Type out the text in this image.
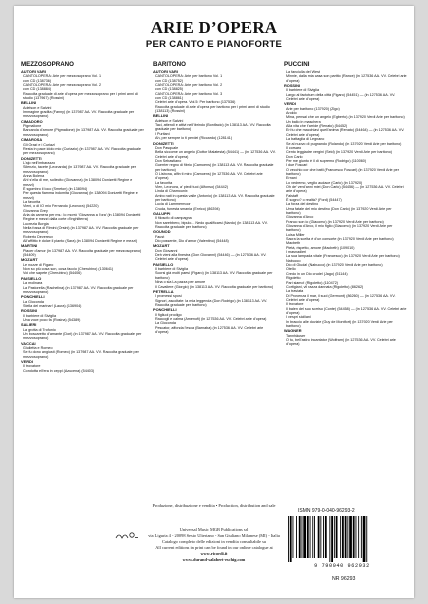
ARIE D’OPERA
PER CANTO E PIANOFORTE
MEZZOSOPRANO
AUTORI VARI
CANTOLOPERA: Arie per mezzosoprano Vol. 1
con CD (138736)
CANTOLOPERA: Arie per mezzosoprano Vol. 2
con CD (138884)
Raccolta graduale di arie d’opera per mezzosoprano per i primi anni di studio (137967) (Rossini)
BELLINI
Adelson e Salvini
Immagine gradita (Fanny) (in 137987 AA. VV. Raccolta graduale per mezzosoprano)
CIMADORO
Pigmalione
Barcarola d’amore (Pigmalione) (in 137987 AA. VV. Raccolta graduale per mezzosoprano)
CIMAROSA
Gli Orazi e i Curiazi
Resta in pace idolo mio (Curiazio) (in 137987 AA. VV. Raccolta graduale per mezzosoprano)
DONIZETTI
L’ajo nell’imbarazzo
Silenzio, tacete (Leonarda) (in 137987 AA. VV. Raccolta graduale per mezzosoprano)
Anna Bolena
Ah! s’ella di me, sollecito (Giovanna) (in 138094 Donizetti Regine e mezzi)
È sgombro il loco (Smeton) (in 138094)
Per questa fiamma indomita (Giovanna) (in 138094 Donizetti Regine e mezzi)
La favorita
Vieni, o di IO mio Fernando (Leonora) (54220)
Giovanna Grey
Aria da camera per ms.: Io morrò ‘Giovanna a l’ora’ (in 138094 Donizetti Regine e mezzi dalla corte d’Inghilterra)
Lucrezia Borgia
Nella fossa di Rimini (Orsini) (in 137987 AA. VV. Raccolta graduale per mezzosoprano)
Roberto Devereux
All’afflitto è dolce il pianto (Sara) (in 138094 Donizetti Regine e mezzi)
MARTINI
Piacer d’amor (in 137987 AA. VV. Raccolta graduale per mezzosoprano) (54409)
MOZART
Le nozze di Figaro
Non so più cosa son, cosa faccio (Cherubino) (130641)
Voi che sapete (Cherubino) (54406)
PAISIELLO
La molinara
La Pastorella (Rachelina) (in 137987 AA. VV. Raccolta graduale per mezzosoprano)
PONCHIELLI
La Gioconda
Stella del marinar! (Laura) (136904)
ROSSINI
Il barbiere di Siviglia
Una voce poco fa (Rosina) (54389)
SALIERI
La grotta di Trofonio
Un boscaretto d’amante (Dori) (in 137987 AA. VV. Raccolta graduale per mezzosoprano)
VACCAI
Giulietta e Romeo
Se fu dono angiusti (Romeo) (in 137987 AA. VV. Raccolta graduale per mezzosoprano)
VERDI
Il trovatore
Condotta ell’era in ceppi (Azucena) (54403)
BARITONO
AUTORI VARI
CANTOLOPERA: Arie per baritono Vol. 1
con CD (138752)
CANTOLOPERA: Arie per baritono Vol. 2
con CD (138825)
CANTOLOPERA: Arie per baritono Vol. 3
con CD (138861)
Celebri arie d’opera. Vol.5: Per baritono (137536)
Raccolta graduale di arie d’opera per baritono per i primi anni di studio (138113) (Rossini)
BELLINI
Adelson e Salvini
Taci, attendi e attivi nell’ibrindo (Bonifacio) (in 138113 AA. VV. Raccolta graduale per baritono)
I Puritani
Ah, per sempre io ti perdei (Riccardo) (128141)
DONIZETTI
Don Pasquale
Bella siccome un angelo (Dottor Malatesta) (54441) — (in 127536 AA. VV. Celebri arie d’opera)
Don Sebastiano
Guerrier regno di fibrio (Camoens) (in 138113 AA. VV. Raccolta graduale per baritono)
O Lisbona, alfin ti miro (Camoens) (in 127536 AA. VV. Celebri arie d’opera)
La favorita
Vien, Leonora, a’ piedi tuoi (Alfonso) (54442)
Linda di Chamounix
Ambo nati in questa valle (Antonio) (in 138113 AA. VV. Raccolta graduale per baritono)
Lucia di Lammermoor
Cruda, funesta smania (Enrico) (86394)
GALUPPI
Il filosofo di campagna
Non sarebbero, bipulo... Nedo qualificarsi (Nardo) (in 138113 AA. VV. Raccolta graduale per baritono)
GOUNOD
Faust
Dio possente, Dio d’amor (Valentino) (54448)
MOZART
Don Giovanni
Deh vieni alla finestra (Don Giovanni) (54446) — (in 127536 AA. VV. Celebri arie d’opera)
PAISIELLO
Il barbiere di Siviglia
Scorsi già molti paesi (Figaro) (in 138113 AA. VV. Raccolta graduale per baritono)
Nina o sia La pazza per amore
Il Cavaliere (Giorgio) (in 138113 AA. VV. Raccolta graduale per baritono)
PETRELLA
I promessi sposi
Signori, ascoltate: la mia leggenda (Don Rodrigo) (in 138113 AA. VV. Raccolta graduale per baritono)
PONCHIELLI
Il figliuol prodigo
Raccogli e calma (Amenofi) (in 127536 AA. VV. Celebri arie d’opera)
La Gioconda
Pescator, affonda l’esca (Barnaba) (in 127536 AA. VV. Celebri arie d’opera)
PUCCINI
La fanciulla del West
Minnie, dalla mia casa son partito (Rance) (in 127536 AA. VV. Celebri arie d’opera)
ROSSINI
Il barbiere di Siviglia
Largo al factotum della città (Figaro) (54451) — (in 127536 AA. VV. Celebri arie d’opera)
VERDI
Arie per baritono (137920) (Zigo)
Aroldo
Mina, pensai che un angelo (Egberto) (in 137920 Verdi Arie per baritono)
Un ballo in maschera
Alla vita che t’arride (Renato) (54452)
Eri tu che macchiavi quell’anima (Renato) (54464) — (in 127536 AA. VV. Celebri arie d’opera)
La battaglia di Legnano
Se al nuovo dì pugnando (Rolando) (in 137920 Verdi Arie per baritono)
Il corsaro
Cento leggiadre vergini (Seid) (in 137920 Verdi Arie per baritono)
Don Carlo
Per me giunto è il dì supremo (Rodrigo) (110060)
I due Foscari
O vecchio cor che batti (Francesco Foscari) (in 137920 Verdi Arie per baritono)
Ernani
Lo vedremo, veglio audace (Carlo) (in 137920)
Oh de’ verd’anni miei (Don Carlo) (54456) — (in 127536 AA. VV. Celebri arie d’opera)
Falstaff
È sogno? o realtà? (Ford) (54447)
La forza del destino
Urna fatale del mio destino (Don Carlo) (in 137920 Verdi Arie per baritono)
Giovanna d’Arco
Franco son io (Giacomo) (in 137920 Verdi Arie per baritono)
Giovanna d’Arco, il mio figlio (Giacomo) (in 137920 Verdi Arie per baritono)
Luisa Miller
Sacra la scelta è d’un consorte (in 137920 Verdi Arie per baritono)
Macbeth
Pietà, rispetto, amore (Macbeth) (109010)
I masnadieri
La sua lampada vitale (Francesco) (in 137920 Verdi Arie per baritono)
Nabucco
Dio di Giuda! (Nabucco) (in 137920 Verdi Arie per baritono)
Otello
Credo in un Dio crudel (Jago) (51144)
Rigoletto
Pari siamo! (Rigoletto) (110472)
Cortigiani, vil razza dannata (Rigoletto) (86262)
La traviata
Di Provenza il mar, il suol (Germont) (86260) — (in 127536 AA. VV. Celebri arie d’opera)
Il trovatore
Il balen del suo sorriso (Conte) (54458) — (in 127536 AA. VV. Celebri arie d’opera)
I vespri siciliani
In braccio alle dovizie (Guy de Montfort) (in 137920 Verdi Arie per baritono)
WAGNER
Tannhäuser
O tu, bell’astro incantator (Wolfram) (in 127536 AA. VV. Celebri arie d’opera)
Produzione, distribuzione e vendita • Production, distribution and sale
Universal Music MGB Publications srl
via Liguria 4 - 20098 Sesto Ulteriano - San Giuliano Milanese (MI) - Italia
Catalogo completo delle edizioni in vendita consultabile su
All current editions in print can be found in our online catalogue at
www.ricordi.it
www.durand-salabert-eschig.com
ISMN 979-0-040-96293-2
9 790040 962932
NR 96293
